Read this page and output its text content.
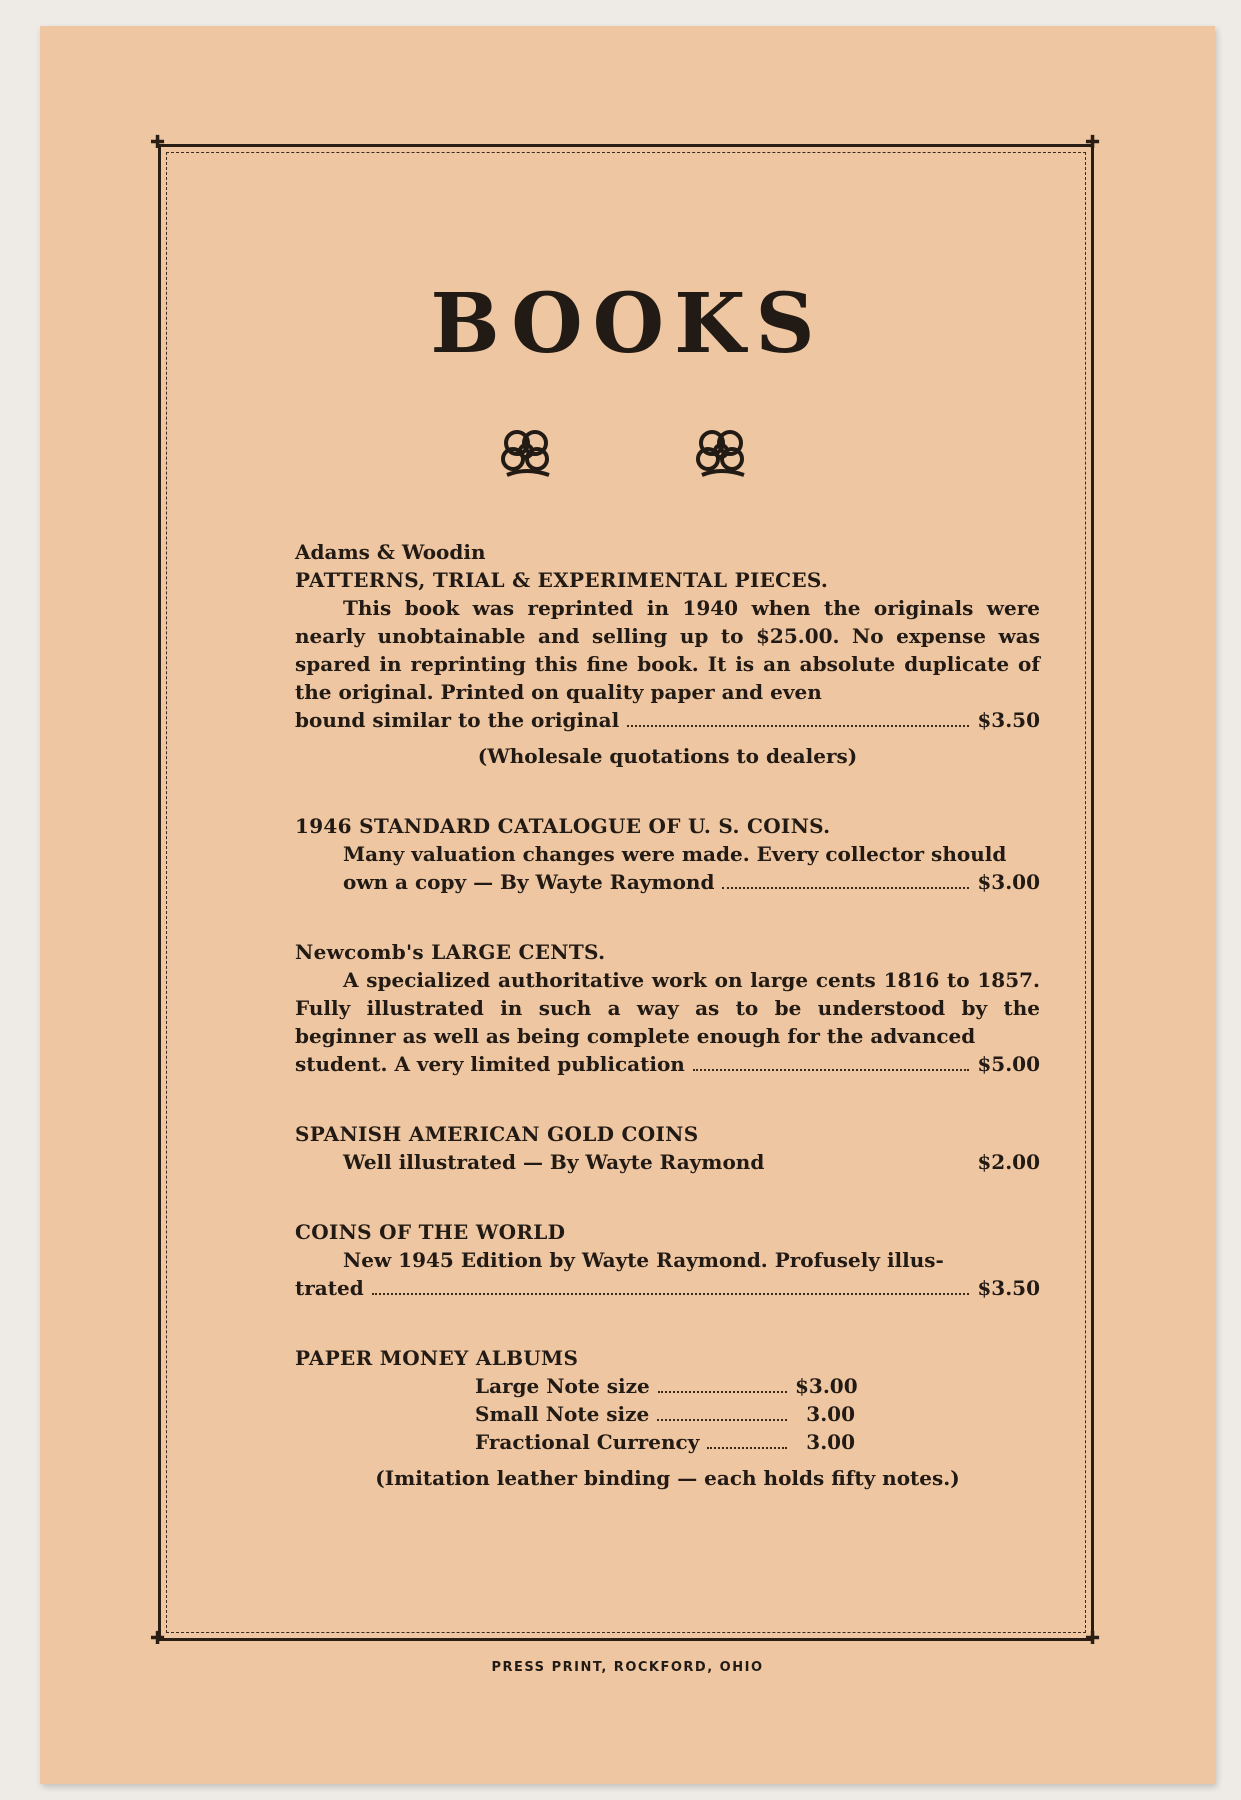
✚	✚
✚	✚
BOOKS
Adams & Woodin
PATTERNS, TRIAL & EXPERIMENTAL PIECES.
This book was reprinted in 1940 when the originals were nearly unobtainable and selling up to $25.00. No expense was spared in reprinting this fine book. It is an absolute duplicate of the original. Printed on quality paper and even
bound similar to the original	$3.50
(Wholesale quotations to dealers)
1946 STANDARD CATALOGUE OF U. S. COINS.
Many valuation changes were made. Every collector should
own a copy — By Wayte Raymond	$3.00
Newcomb's LARGE CENTS.
A specialized authoritative work on large cents 1816 to 1857. Fully illustrated in such a way as to be understood by the beginner as well as being complete enough for the advanced
student. A very limited publication	$5.00
SPANISH AMERICAN GOLD COINS
Well illustrated — By Wayte Raymond	$2.00
COINS OF THE WORLD
New 1945 Edition by Wayte Raymond. Profusely illus-
trated	$3.50
PAPER MONEY ALBUMS
Large Note size	$3.00
Small Note size	3.00
Fractional Currency	3.00
(Imitation leather binding — each holds fifty notes.)
PRESS PRINT, ROCKFORD, OHIO
